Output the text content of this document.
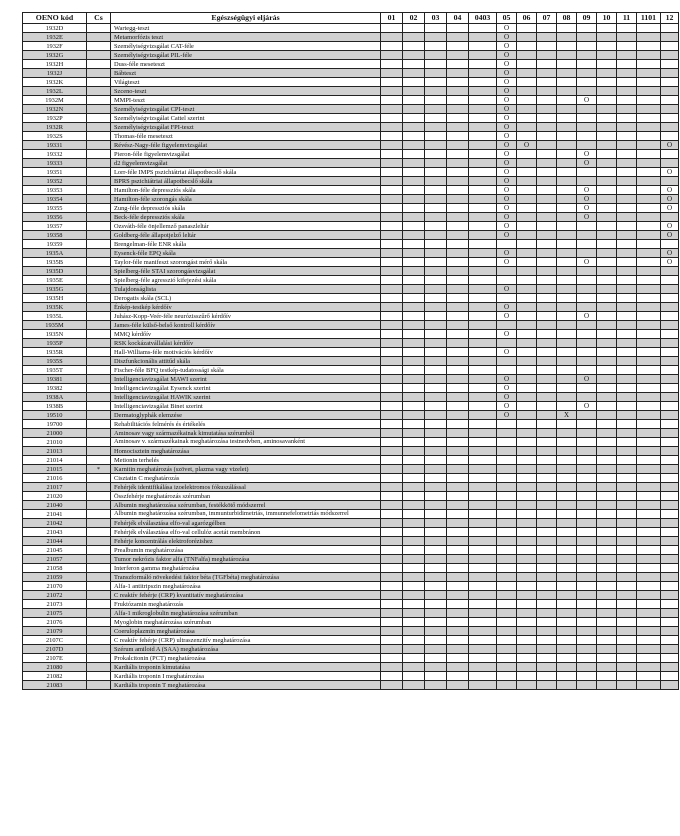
OENO kód	Cs	Egészségügyi eljárás	01	02	03	04	0403	05	06	07	08	09	10	11	1101	12
1932D		Wartegg-teszt						O								
1932E		Metamorfózis teszt						O								
1932F		Személyiségvizsgálat CAT-féle						O								
1932G		Személyiségvizsgálat PIL-féle						O								
1932H		Duss-féle meseteszt						O								
1932J		Bábteszt						O								
1932K		Világteszt						O								
1932L		Szceno-teszt						O								
1932M		MMPI-teszt						O				O				
1932N		Személyiségvizsgálat CPI-teszt						O								
1932P		Személyiségvizsgálat Cattel szerint						O								
1932R		Személyiségvizsgálat FPI-teszt						O								
1932S		Thomas-féle meseteszt						O								
19331		Révész-Nagy-féle figyelemvizsgálat						O	O							O
19332		Pieron-féle figyelemvizsgálat						O				O				
19333		d2 figyelemvizsgálat						O				O				
19351		Lorr-féle IMPS pszichiátriai állapotbecslő skála						O								O
19352		BPRS pszichiátriai állapotbecslő skála						O								
19353		Hamilton-féle depressziós skála						O				O				O
19354		Hamilton-féle szorongás skála						O				O				O
19355		Zung-féle depressziós skála						O				O				O
19356		Beck-féle depressziós skála						O				O				
19357		Ozsváth-féle önjellemző panaszleltár						O								O
19358		Goldberg-féle állapotjelző leltár						O								O
19359		Brengelman-féle ENR skála														
1935A		Eysenck-féle EPQ skála						O								O
1935B		Taylor-féle manifeszt szorongást mérő skála						O				O				O
1935D		Spielberg-féle STAI szorongásvizsgálat														
1935E		Spielberg-féle agresszió kifejezési skála														
1935G		Tulajdonságlista						O								
1935H		Derogatis skála (SCL)														
1935K		Énkép-testkép kérdőív						O								
1935L		Juhász-Kopp-Veér-féle neurózisszűrő kérdőív						O				O				
1935M		James-féle külső-belső kontroll kérdőív														
1935N		MMQ kérdőív						O								
1935P		RSK kockázatvállalási kérdőív														
1935R		Hall-Williams-féle motivációs kérdőív						O								
1935S		Diszfunkcionális attitűd skála														
1935T		Fischer-féle BFQ testkép-tudatossági skála														
19381		Intelligenciavizsgálat MAWI szerint						O				O				
19382		Intelligenciavizsgálat Eysenck szerint						O								
1938A		Intelligenciavizsgálat HAWIK szerint						O								
1938B		Intelligenciavizsgálat Binet szerint						O				O				
19510		Dermatoglyphák elemzése						O			X					
19700		Rehabilitációs felmérés és értékelés														
21000		Aminosav vagy származékainak kimutatása szérumból														
21010		Aminosav v. származékainak meghatározása testnedvben, aminosavanként														
21013		Homocisztein meghatározása														
21014		Metionin terhelés														
21015	*	Karnitin meghatározás (szövet, plazma vagy vizelet)														
21016		Cisztatin C meghatározás														
21017		Fehérjék identifikálása izoelektromos fókuszálással														
21020		Összfehérje meghatározás szérumban														
21040		Albumin meghatározása szérumban, festékkötő módszerrel														
21041		Albumin meghatározása szérumban, immunturbidimetriás, immunnefelometriás módszerrel														
21042		Fehérjék elválasztása elfo-val agarózgélben														
21043		Fehérjék elválasztása elfo-val cellulóz acetát membránon														
21044		Fehérje koncentrálás elektroforézishez														
21045		Prealbumin meghatározása														
21057		Tumor nekrózis faktor alfa (TNFalfa) meghatározása														
21058		Interferon gamma meghatározása														
21059		Transzformáló növekedési faktor béta (TGFbéta) meghatározása														
21070		Alfa-1 antitripszin meghatározása														
21072		C reaktív fehérje (CRP) kvantitatív meghatározása														
21073		Fruktózamin meghatározás														
21075		Alfa-1 mikroglobulin meghatározása szérumban														
21076		Myoglobin meghatározása szérumban														
21079		Coeruloplazmin meghatározása														
2107C		C reaktív fehérje (CRP) ultraszenzitív meghatározása														
2107D		Szérum amiloid A (SAA) meghatározása														
2107E		Prokalcitonin (PCT) meghatározása														
21080		Kardiális troponin kimutatása														
21082		Kardiális troponin I meghatározása														
21083		Kardiális troponin T meghatározása														
